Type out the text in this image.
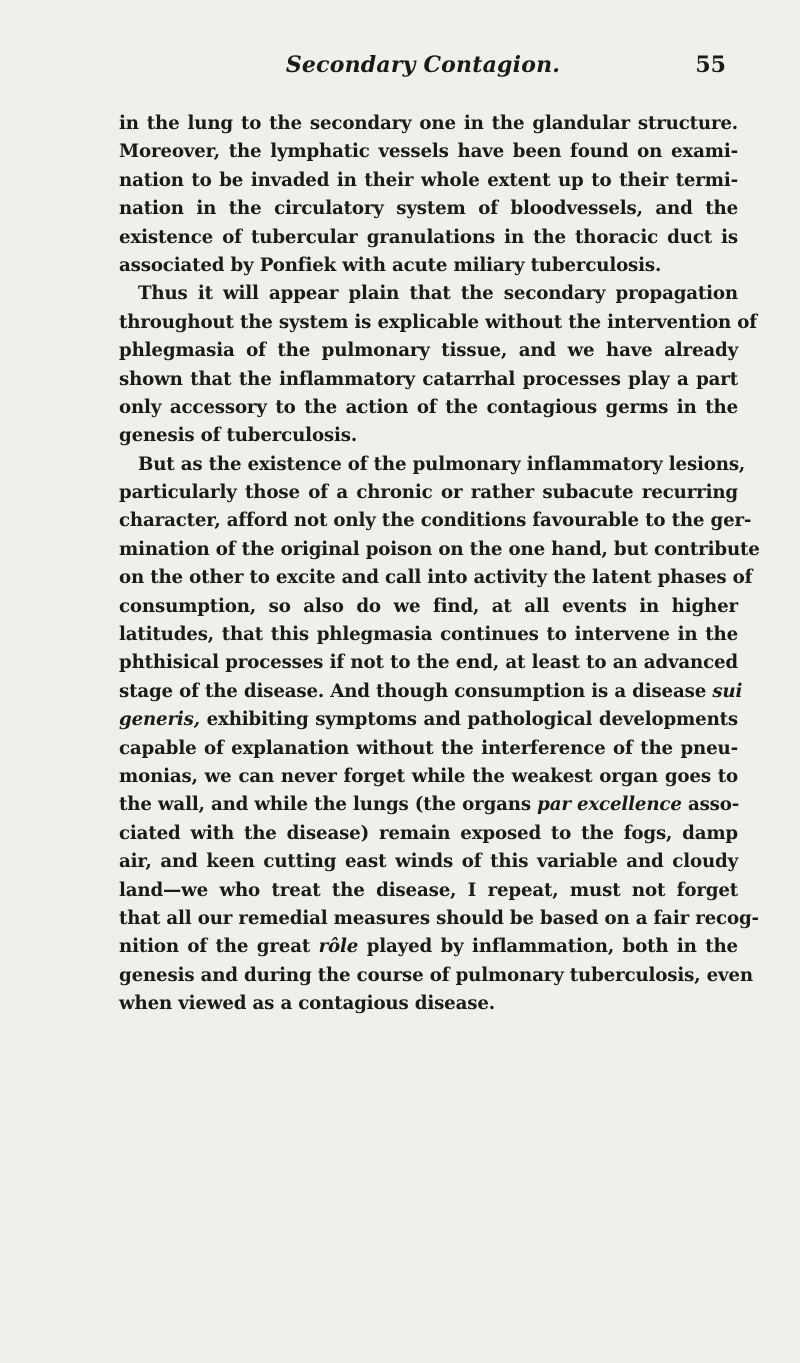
Secondary Contagion.	55
in the lung to the secondary one in the glandular structure.
Moreover, the lymphatic vessels have been found on exami-
nation to be invaded in their whole extent up to their termi-
nation in the circulatory system of bloodvessels, and the
existence of tubercular granulations in the thoracic duct is
associated by Ponfiek with acute miliary tuberculosis.
Thus it will appear plain that the secondary propagation
throughout the system is explicable without the intervention of
phlegmasia of the pulmonary tissue, and we have already
shown that the inflammatory catarrhal processes play a part
only accessory to the action of the contagious germs in the
genesis of tuberculosis.
But as the existence of the pulmonary inflammatory lesions,
particularly those of a chronic or rather subacute recurring
character, afford not only the conditions favourable to the ger-
mination of the original poison on the one hand, but contribute
on the other to excite and call into activity the latent phases of
consumption, so also do we find, at all events in higher
latitudes, that this phlegmasia continues to intervene in the
phthisical processes if not to the end, at least to an advanced
stage of the disease. And though consumption is a disease sui
generis, exhibiting symptoms and pathological developments
capable of explanation without the interference of the pneu-
monias, we can never forget while the weakest organ goes to
the wall, and while the lungs (the organs par excellence asso-
ciated with the disease) remain exposed to the fogs, damp
air, and keen cutting east winds of this variable and cloudy
land—we who treat the disease, I repeat, must not forget
that all our remedial measures should be based on a fair recog-
nition of the great rôle played by inflammation, both in the
genesis and during the course of pulmonary tuberculosis, even
when viewed as a contagious disease.
